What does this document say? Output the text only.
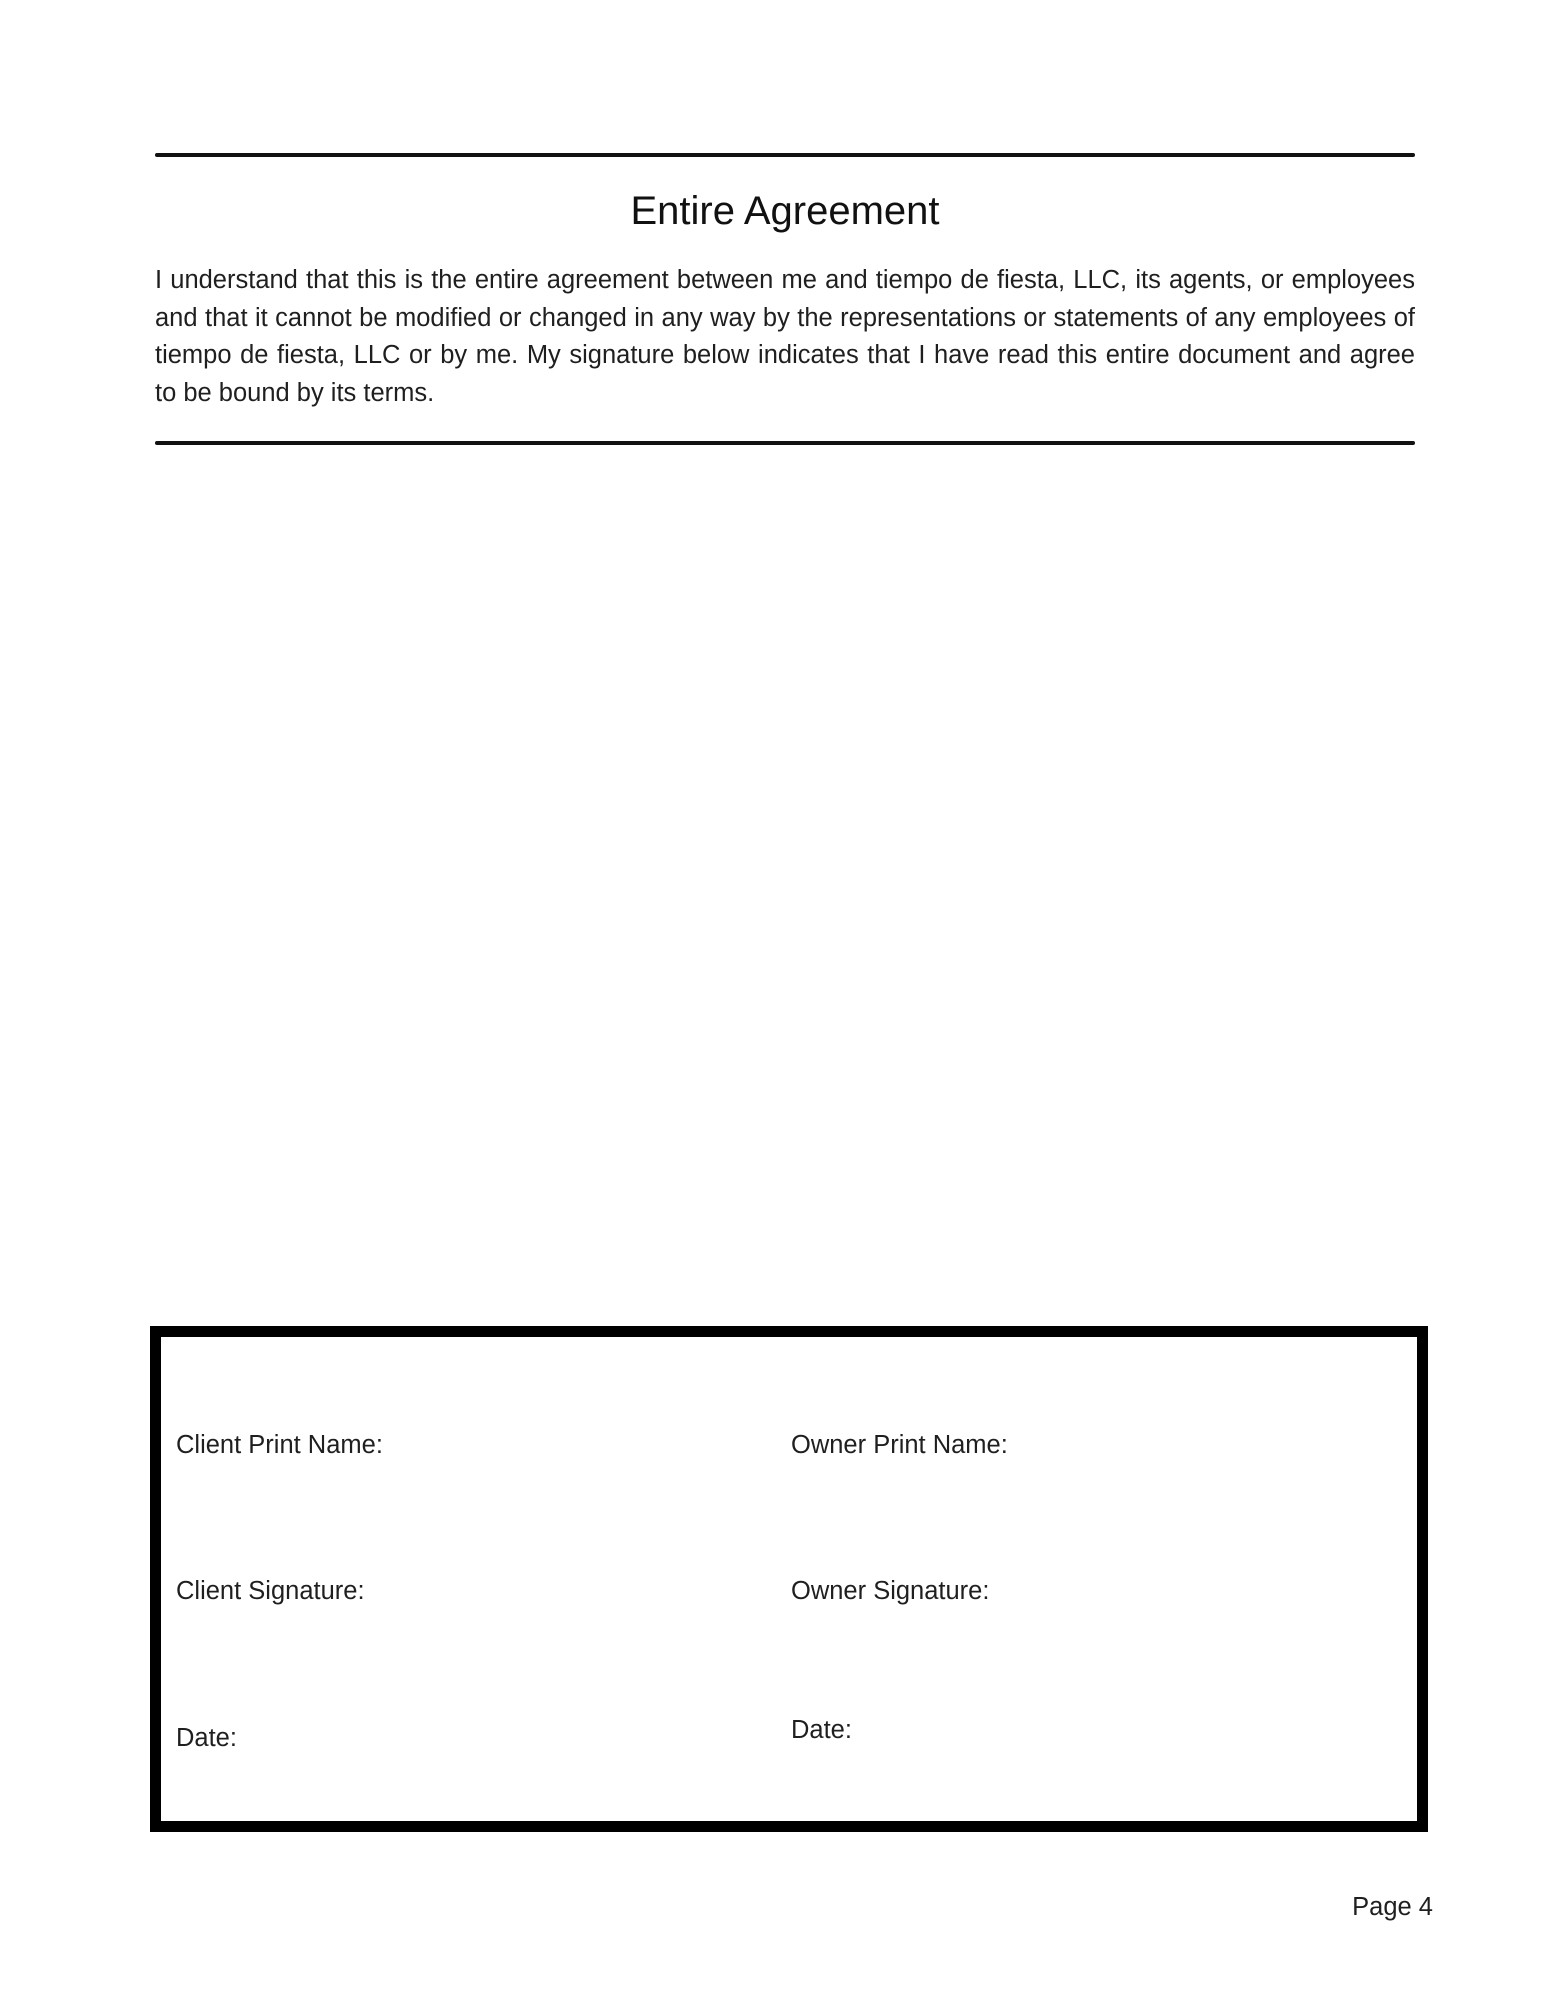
Entire Agreement

I understand that this is the entire agreement between me and tiempo de fiesta, LLC, its agents, or employees and that it cannot be modified or changed in any way by the representations or statements of any employees of tiempo de fiesta, LLC or by me. My signature below indicates that I have read this entire document and agree to be bound by its terms.

Client Print Name:	Owner Print Name:
Client Signature:	Owner Signature:
Date:	Date:
Page 4
